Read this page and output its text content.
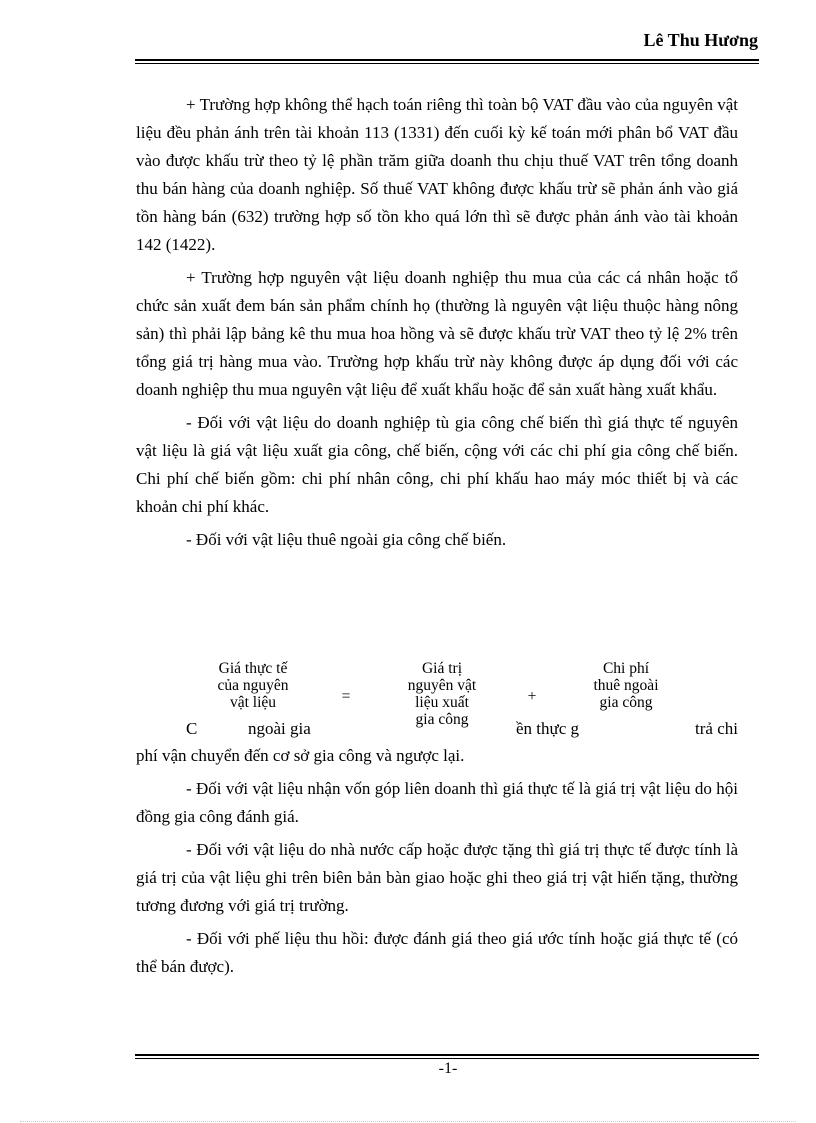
Lê Thu Hương

+ Trường hợp không thể hạch toán riêng thì toàn bộ VAT đầu vào của nguyên vật liệu đều phản ánh trên tài khoản 113 (1331) đến cuối kỳ kế toán mới phân bổ VAT đầu vào được khấu trừ theo tỷ lệ phần trăm giữa doanh thu chịu thuế VAT trên tổng doanh thu bán hàng của doanh nghiệp. Số thuế VAT không được khấu trừ sẽ phản ánh vào giá tồn hàng bán (632) trường hợp số tồn kho quá lớn thì sẽ được phản ánh vào tài khoản 142 (1422).

+ Trường hợp nguyên vật liệu doanh nghiệp thu mua của các cá nhân hoặc tổ chức sản xuất đem bán sản phẩm chính họ (thường là nguyên vật liệu thuộc hàng nông sản) thì phải lập bảng kê thu mua hoa hồng và sẽ được khấu trừ VAT theo tỷ lệ 2% trên tổng giá trị hàng mua vào. Trường hợp khấu trừ này không được áp dụng đối với các doanh nghiệp thu mua nguyên vật liệu để xuất khẩu hoặc để sản xuất hàng xuất khẩu.

- Đối với vật liệu do doanh nghiệp tù gia công chế biến thì giá thực tế nguyên vật liệu là giá vật liệu xuất gia công, chế biến, cộng với các chi phí gia công chế biến. Chi phí chế biến gồm: chi phí nhân công, chi phí khấu hao máy móc thiết bị và các khoản chi phí khác.

- Đối với vật liệu thuê ngoài gia công chế biến.

Giá thực tế
của nguyên
vật liệu	=
Giá trị
nguyên vật
liệu xuất
gia công
+
Chi phí
thuê ngoài
gia công
C	ngoài gia	ền thực g	trả chi

phí vận chuyển đến cơ sở gia công và ngược lại.

- Đối với vật liệu nhận vốn góp liên doanh thì giá thực tế là giá trị vật liệu do hội đồng gia công đánh giá.

- Đối với vật liệu do nhà nước cấp hoặc được tặng thì giá trị thực tế được tính là giá trị của vật liệu ghi trên biên bản bàn giao hoặc ghi theo giá trị vật hiến tặng, thường tương đương với giá trị trường.

- Đối với phế liệu thu hồi: được đánh giá theo giá ước tính hoặc giá thực tế (có thể bán được).

-1-
